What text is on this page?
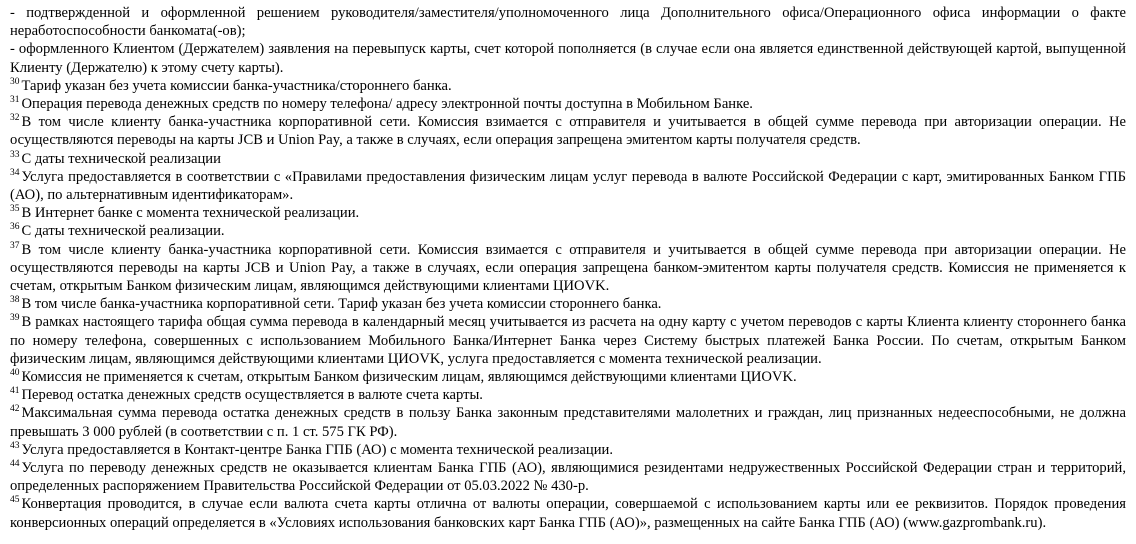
- подтвержденной и оформленной решением руководителя/заместителя/уполномоченного лица Дополнительного офиса/Операционного офиса информации о факте неработоспособности банкомата(-ов);

- оформленного Клиентом (Держателем) заявления на перевыпуск карты, счет которой пополняется (в случае если она является единственной действующей картой, выпущенной Клиенту (Держателю) к этому счету карты).

$^{30}$ Тариф указан без учета комиссии банка-участника/стороннего банка.

$^{31}$ Операция перевода денежных средств по номеру телефона/ адресу электронной почты доступна в Мобильном Банке.

$^{32}$ В том числе клиенту банка-участника корпоративной сети. Комиссия взимается с отправителя и учитывается в общей сумме перевода при авторизации операции. Не осуществляются переводы на карты JCB и Union Pay, а также в случаях, если операция запрещена эмитентом карты получателя средств.

$^{33}$ С даты технической реализации

$^{34}$ Услуга предоставляется в соответствии с «Правилами предоставления физическим лицам услуг перевода в валюте Российской Федерации с карт, эмитированных Банком ГПБ (АО), по альтернативным идентификаторам».

$^{35}$ В Интернет банке с момента технической реализации.

$^{36}$ С даты технической реализации.

$^{37}$ В том числе клиенту банка-участника корпоративной сети. Комиссия взимается с отправителя и учитывается в общей сумме перевода при авторизации операции. Не осуществляются переводы на карты JCB и Union Pay, а также в случаях, если операция запрещена банком-эмитентом карты получателя средств. Комиссия не применяется к счетам, открытым Банком физическим лицам, являющимся действующими клиентами ЦИОVK.

$^{38}$ В том числе банка-участника корпоративной сети. Тариф указан без учета комиссии стороннего банка.

$^{39}$ В рамках настоящего тарифа общая сумма перевода в календарный месяц учитывается из расчета на одну карту с учетом переводов с карты Клиента клиенту стороннего банка по номеру телефона, совершенных с использованием Мобильного Банка/Интернет Банка через Систему быстрых платежей Банка России. По счетам, открытым Банком физическим лицам, являющимся действующими клиентами ЦИОVK, услуга предоставляется с момента технической реализации.

$^{40}$ Комиссия не применяется к счетам, открытым Банком физическим лицам, являющимся действующими клиентами ЦИОVK.

$^{41}$ Перевод остатка денежных средств осуществляется в валюте счета карты.

$^{42}$ Максимальная сумма перевода остатка денежных средств в пользу Банка законным представителями малолетних и граждан, лиц признанных недееспособными, не должна превышать 3 000 рублей (в соответствии с п. 1 ст. 575 ГК РФ).

$^{43}$ Услуга предоставляется в Контакт-центре Банка ГПБ (АО) с момента технической реализации.

$^{44}$ Услуга по переводу денежных средств не оказывается клиентам Банка ГПБ (АО), являющимися резидентами недружественных Российской Федерации стран и территорий, определенных распоряжением Правительства Российской Федерации от 05.03.2022 № 430-р.

$^{45}$ Конвертация проводится, в случае если валюта счета карты отлична от валюты операции, совершаемой с использованием карты или ее реквизитов. Порядок проведения конверсионных операций определяется в «Условиях использования банковских карт Банка ГПБ (АО)», размещенных на сайте Банка ГПБ (АО) (www.gazprombank.ru).
